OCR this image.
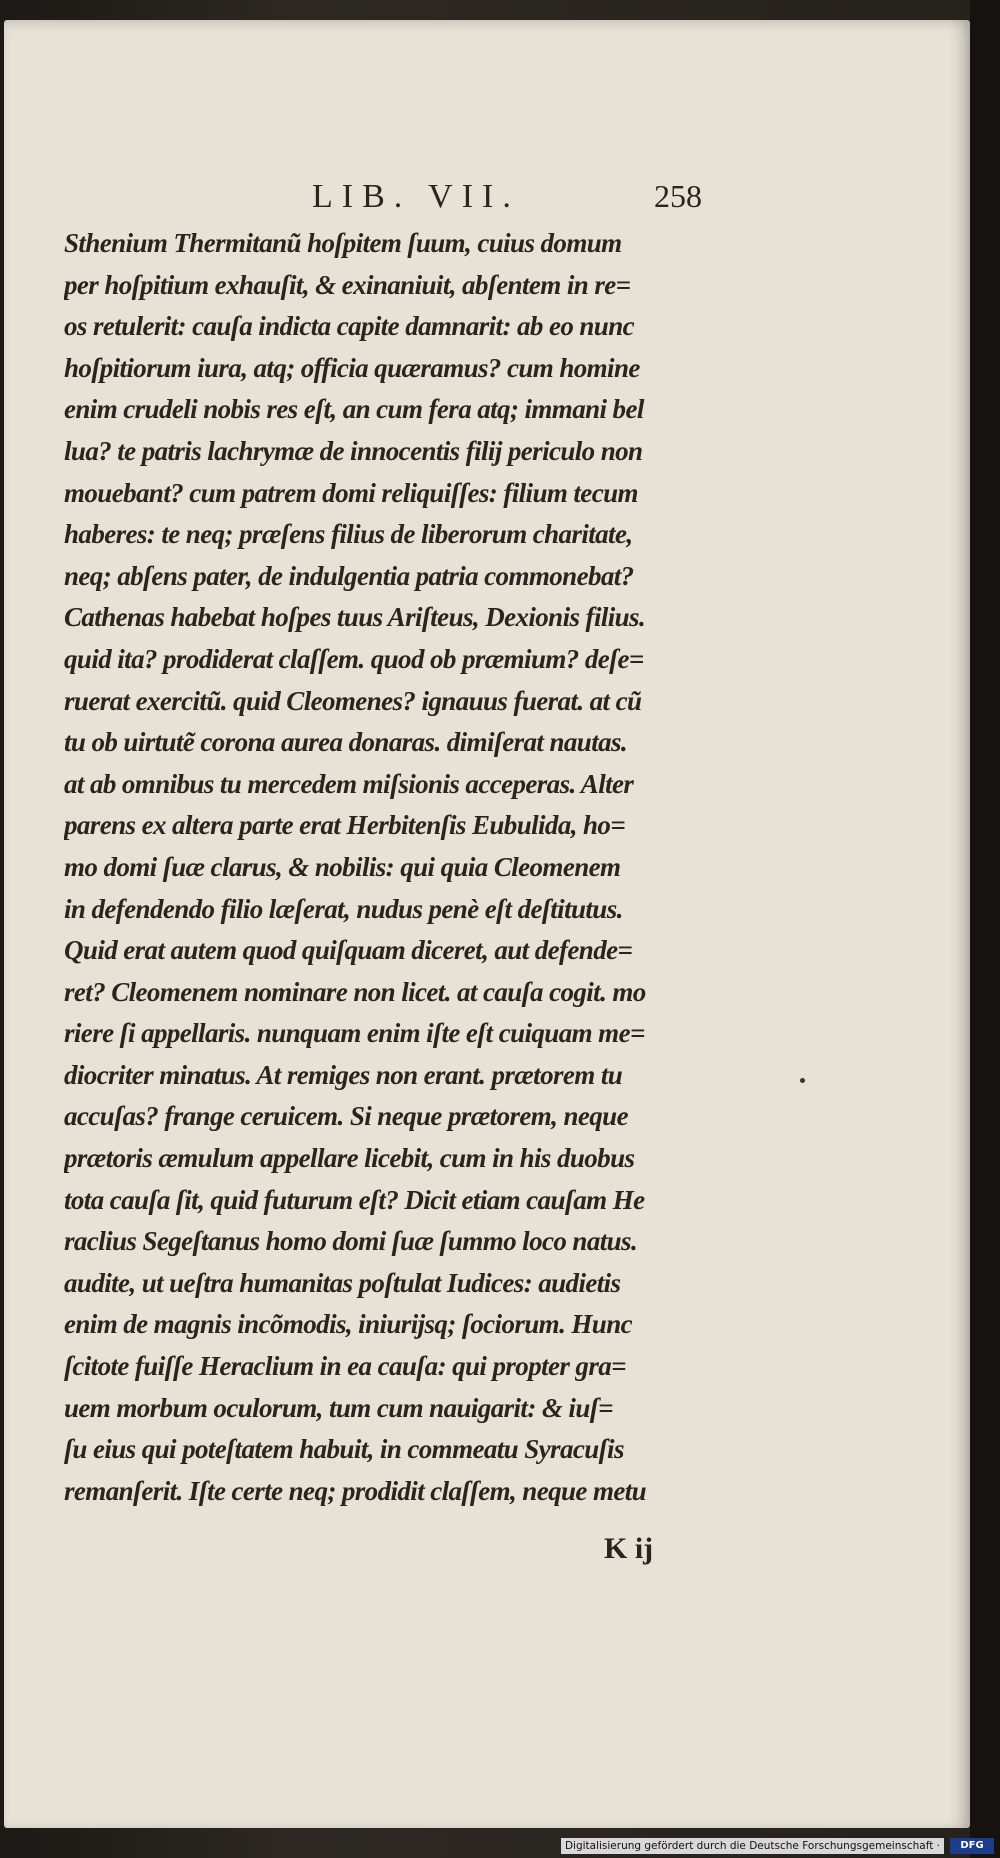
LIB. VII.	258
Sthenium Thermitanũ hoſpitem ſuum, cuius domum
per hoſpitium exhauſit, & exinaniuit, abſentem in re=
os retulerit: cauſa indicta capite damnarit: ab eo nunc
hoſpitiorum iura, atq; officia quæramus? cum homine
enim crudeli nobis res eſt, an cum fera atq; immani bel
lua? te patris lachrymæ de innocentis filij periculo non
mouebant? cum patrem domi reliquiſſes: filium tecum
haberes: te neq; præſens filius de liberorum charitate,
neq; abſens pater, de indulgentia patria commonebat?
Cathenas habebat hoſpes tuus Ariſteus, Dexionis filius.
quid ita? prodiderat claſſem. quod ob præmium? deſe=
ruerat exercitũ. quid Cleomenes? ignauus fuerat. at cũ
tu ob uirtutẽ corona aurea donaras. dimiſerat nautas.
at ab omnibus tu mercedem miſsionis acceperas. Alter
parens ex altera parte erat Herbitenſis Eubulida, ho=
mo domi ſuæ clarus, & nobilis: qui quia Cleomenem
in defendendo filio læſerat, nudus penè eſt deſtitutus.
Quid erat autem quod quiſquam diceret, aut defende=
ret? Cleomenem nominare non licet. at cauſa cogit. mo
riere ſi appellaris. nunquam enim iſte eſt cuiquam me=
diocriter minatus. At remiges non erant. prætorem tu
accuſas? frange ceruicem. Si neque prætorem, neque
prætoris æmulum appellare licebit, cum in his duobus
tota cauſa ſit, quid futurum eſt? Dicit etiam cauſam He
raclius Segeſtanus homo domi ſuæ ſummo loco natus.
audite, ut ueſtra humanitas poſtulat Iudices: audietis
enim de magnis incõmodis, iniurijsq; ſociorum. Hunc
ſcitote fuiſſe Heraclium in ea cauſa: qui propter gra=
uem morbum oculorum, tum cum nauigarit: & iuſ=
ſu eius qui poteſtatem habuit, in commeatu Syracuſis
remanſerit. Iſte certe neq; prodidit claſſem, neque metu
K ij
Digitalisierung gefördert durch die Deutsche Forschungsgemeinschaft ·	DFG
